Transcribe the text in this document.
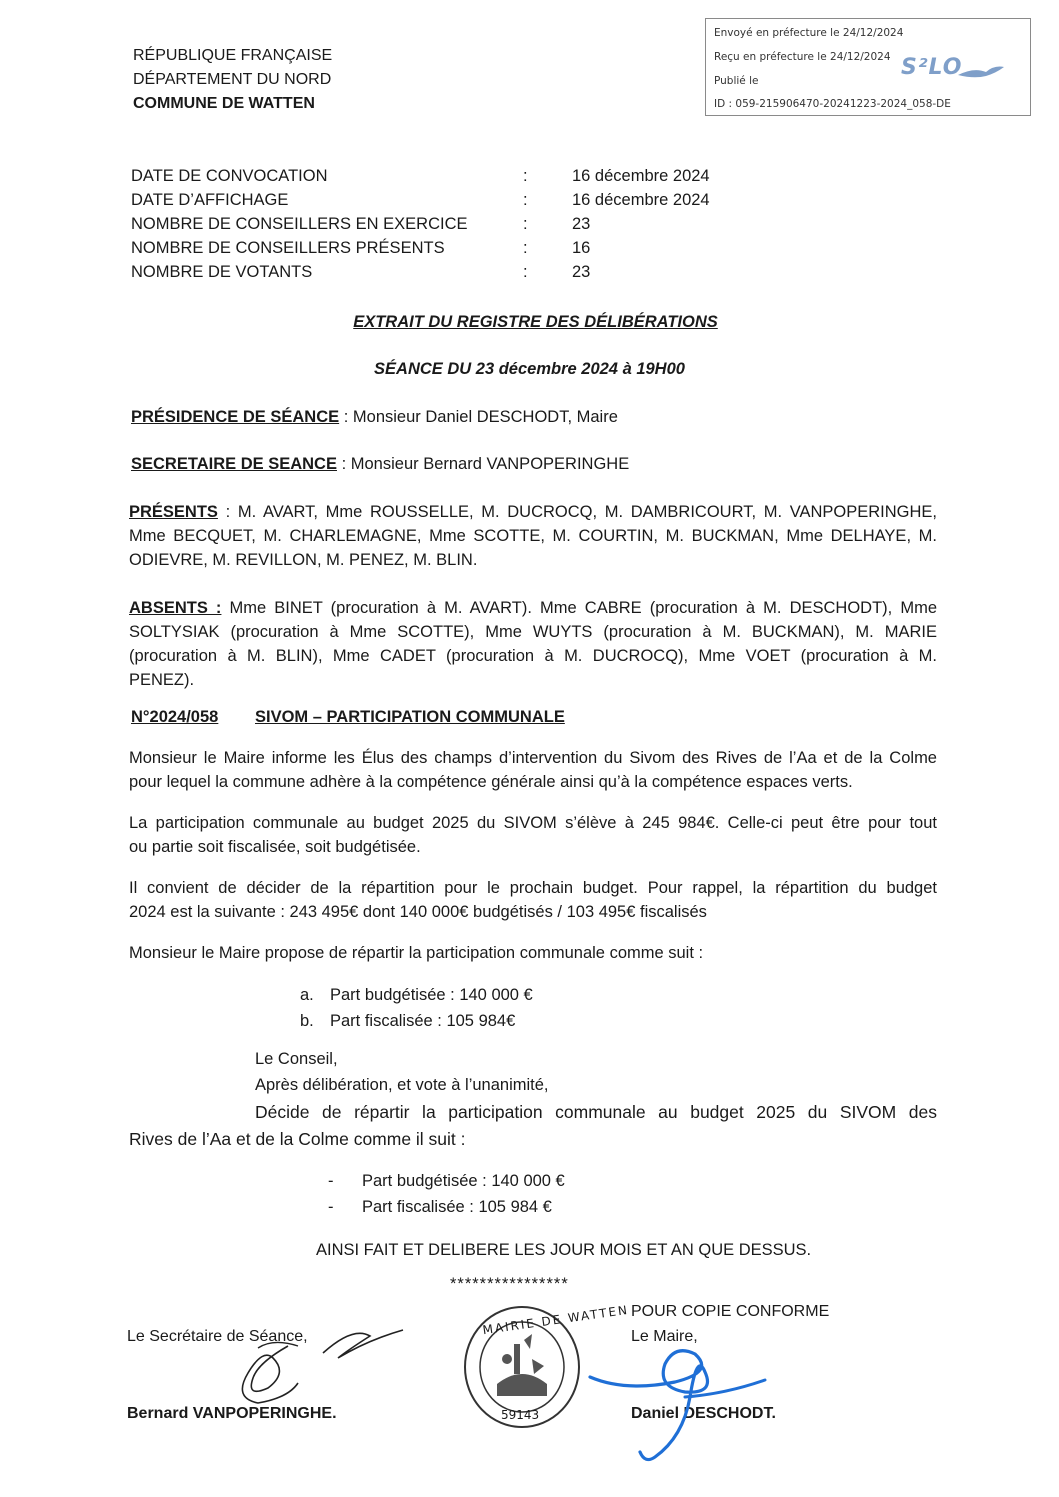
Envoyé en préfecture le 24/12/2024
Reçu en préfecture le 24/12/2024
Publié le
ID : 059-215906470-20241223-2024_058-DE
S²LO
RÉPUBLIQUE FRANÇAISE
DÉPARTEMENT DU NORD
COMMUNE DE WATTEN
DATE DE CONVOCATION	:	16 décembre 2024
DATE D’AFFICHAGE	:	16 décembre 2024
NOMBRE DE CONSEILLERS EN EXERCICE	:	23
NOMBRE DE CONSEILLERS PRÉSENTS	:	16
NOMBRE DE VOTANTS	:	23
EXTRAIT DU REGISTRE DES DÉLIBÉRATIONS
SÉANCE DU 23 décembre 2024 à 19H00
PRÉSIDENCE DE SÉANCE : Monsieur Daniel DESCHODT, Maire
SECRETAIRE DE SEANCE : Monsieur Bernard VANPOPERINGHE
PRÉSENTS : M. AVART, Mme ROUSSELLE, M. DUCROCQ, M. DAMBRICOURT, M. VANPOPERINGHE,
Mme BECQUET, M. CHARLEMAGNE, Mme SCOTTE, M. COURTIN, M. BUCKMAN, Mme DELHAYE, M.
ODIEVRE, M. REVILLON, M. PENEZ, M. BLIN.
ABSENTS : Mme BINET (procuration à M. AVART). Mme CABRE (procuration à M. DESCHODT), Mme
SOLTYSIAK (procuration à Mme SCOTTE), Mme WUYTS (procuration à M. BUCKMAN), M. MARIE
(procuration à M. BLIN), Mme CADET (procuration à M. DUCROCQ), Mme VOET (procuration à M.
PENEZ).
N°2024/058 SIVOM – PARTICIPATION COMMUNALE
Monsieur le Maire informe les Élus des champs d’intervention du Sivom des Rives de l’Aa et de la Colme
pour lequel la commune adhère à la compétence générale ainsi qu’à la compétence espaces verts.
La participation communale au budget 2025 du SIVOM s’élève à 245 984€. Celle-ci peut être pour tout
ou partie soit fiscalisée, soit budgétisée.
Il convient de décider de la répartition pour le prochain budget. Pour rappel, la répartition du budget
2024 est la suivante : 243 495€ dont 140 000€ budgétisés / 103 495€ fiscalisés
Monsieur le Maire propose de répartir la participation communale comme suit :
a. Part budgétisée : 140 000 €
b. Part fiscalisée : 105 984€
Le Conseil,
Après délibération, et vote à l’unanimité,
Décide de répartir la participation communale au budget 2025 du SIVOM des
Rives de l’Aa et de la Colme comme il suit :
- Part budgétisée : 140 000 €
- Part fiscalisée : 105 984 €
AINSI FAIT ET DELIBERE LES JOUR MOIS ET AN QUE DESSUS.
****************
Le Secrétaire de Séance,
Bernard VANPOPERINGHE.
MAIRIE DE WATTEN
59143
POUR COPIE CONFORME
Le Maire,
Daniel DESCHODT.
